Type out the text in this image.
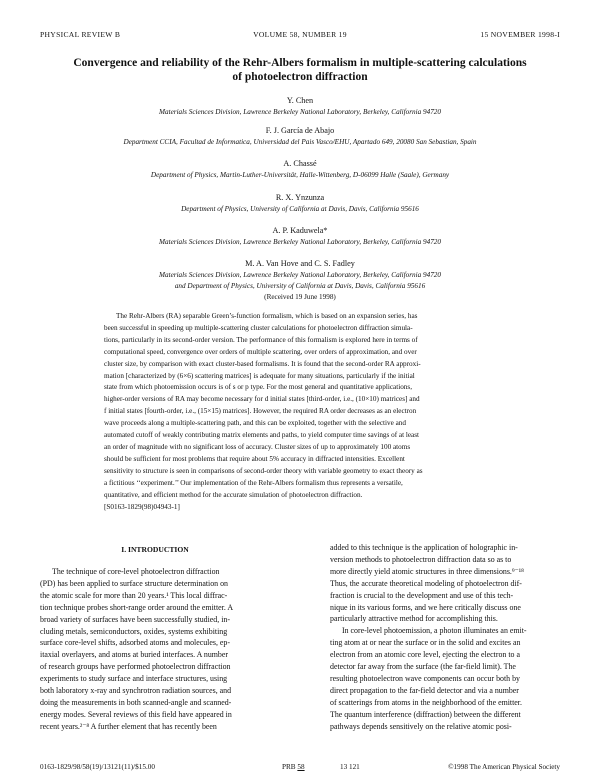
PHYSICAL REVIEW B	VOLUME 58, NUMBER 19	15 NOVEMBER 1998-I
Convergence and reliability of the Rehr-Albers formalism in multiple-scattering calculations
of photoelectron diffraction
Y. Chen
Materials Sciences Division, Lawrence Berkeley National Laboratory, Berkeley, California 94720
F. J. García de Abajo
Department CCIA, Facultad de Informatica, Universidad del Pais Vasco/EHU, Apartado 649, 20080 San Sebastian, Spain
A. Chassé
Department of Physics, Martin-Luther-Universität, Halle-Wittenberg, D-06099 Halle (Saale), Germany
R. X. Ynzunza
Department of Physics, University of California at Davis, Davis, California 95616
A. P. Kaduwela*
Materials Sciences Division, Lawrence Berkeley National Laboratory, Berkeley, California 94720
M. A. Van Hove and C. S. Fadley
Materials Sciences Division, Lawrence Berkeley National Laboratory, Berkeley, California 94720
and Department of Physics, University of California at Davis, Davis, California 95616
(Received 19 June 1998)
The Rehr-Albers (RA) separable Green’s-function formalism, which is based on an expansion series, has
been successful in speeding up multiple-scattering cluster calculations for photoelectron diffraction simula-
tions, particularly in its second-order version. The performance of this formalism is explored here in terms of
computational speed, convergence over orders of multiple scattering, over orders of approximation, and over
cluster size, by comparison with exact cluster-based formalisms. It is found that the second-order RA approxi-
mation [characterized by (6×6) scattering matrices] is adequate for many situations, particularly if the initial
state from which photoemission occurs is of s or p type. For the most general and quantitative applications,
higher-order versions of RA may become necessary for d initial states [third-order, i.e., (10×10) matrices] and
f initial states [fourth-order, i.e., (15×15) matrices]. However, the required RA order decreases as an electron
wave proceeds along a multiple-scattering path, and this can be exploited, together with the selective and
automated cutoff of weakly contributing matrix elements and paths, to yield computer time savings of at least
an order of magnitude with no significant loss of accuracy. Cluster sizes of up to approximately 100 atoms
should be sufficient for most problems that require about 5% accuracy in diffracted intensities. Excellent
sensitivity to structure is seen in comparisons of second-order theory with variable geometry to exact theory as
a fictitious ‘‘experiment.’’ Our implementation of the Rehr-Albers formalism thus represents a versatile,
quantitative, and efficient method for the accurate simulation of photoelectron diffraction.
[S0163-1829(98)04943-1]
I. INTRODUCTION
The technique of core-level photoelectron diffraction
(PD) has been applied to surface structure determination on
the atomic scale for more than 20 years.¹ This local diffrac-
tion technique probes short-range order around the emitter. A
broad variety of surfaces have been successfully studied, in-
cluding metals, semiconductors, oxides, systems exhibiting
surface core-level shifts, adsorbed atoms and molecules, ep-
itaxial overlayers, and atoms at buried interfaces. A number
of research groups have performed photoelectron diffraction
experiments to study surface and interface structures, using
both laboratory x-ray and synchrotron radiation sources, and
doing the measurements in both scanned-angle and scanned-
energy modes. Several reviews of this field have appeared in
recent years.²⁻⁸ A further element that has recently been
added to this technique is the application of holographic in-
version methods to photoelectron diffraction data so as to
more directly yield atomic structures in three dimensions.⁹⁻¹⁸
Thus, the accurate theoretical modeling of photoelectron dif-
fraction is crucial to the development and use of this tech-
nique in its various forms, and we here critically discuss one
particularly attractive method for accomplishing this.
In core-level photoemission, a photon illuminates an emit-
ting atom at or near the surface or in the solid and excites an
electron from an atomic core level, ejecting the electron to a
detector far away from the surface (the far-field limit). The
resulting photoelectron wave components can occur both by
direct propagation to the far-field detector and via a number
of scatterings from atoms in the neighborhood of the emitter.
The quantum interference (diffraction) between the different
pathways depends sensitively on the relative atomic posi-
0163-1829/98/58(19)/13121(11)/$15.00	PRB 58	13 121	©1998 The American Physical Society
